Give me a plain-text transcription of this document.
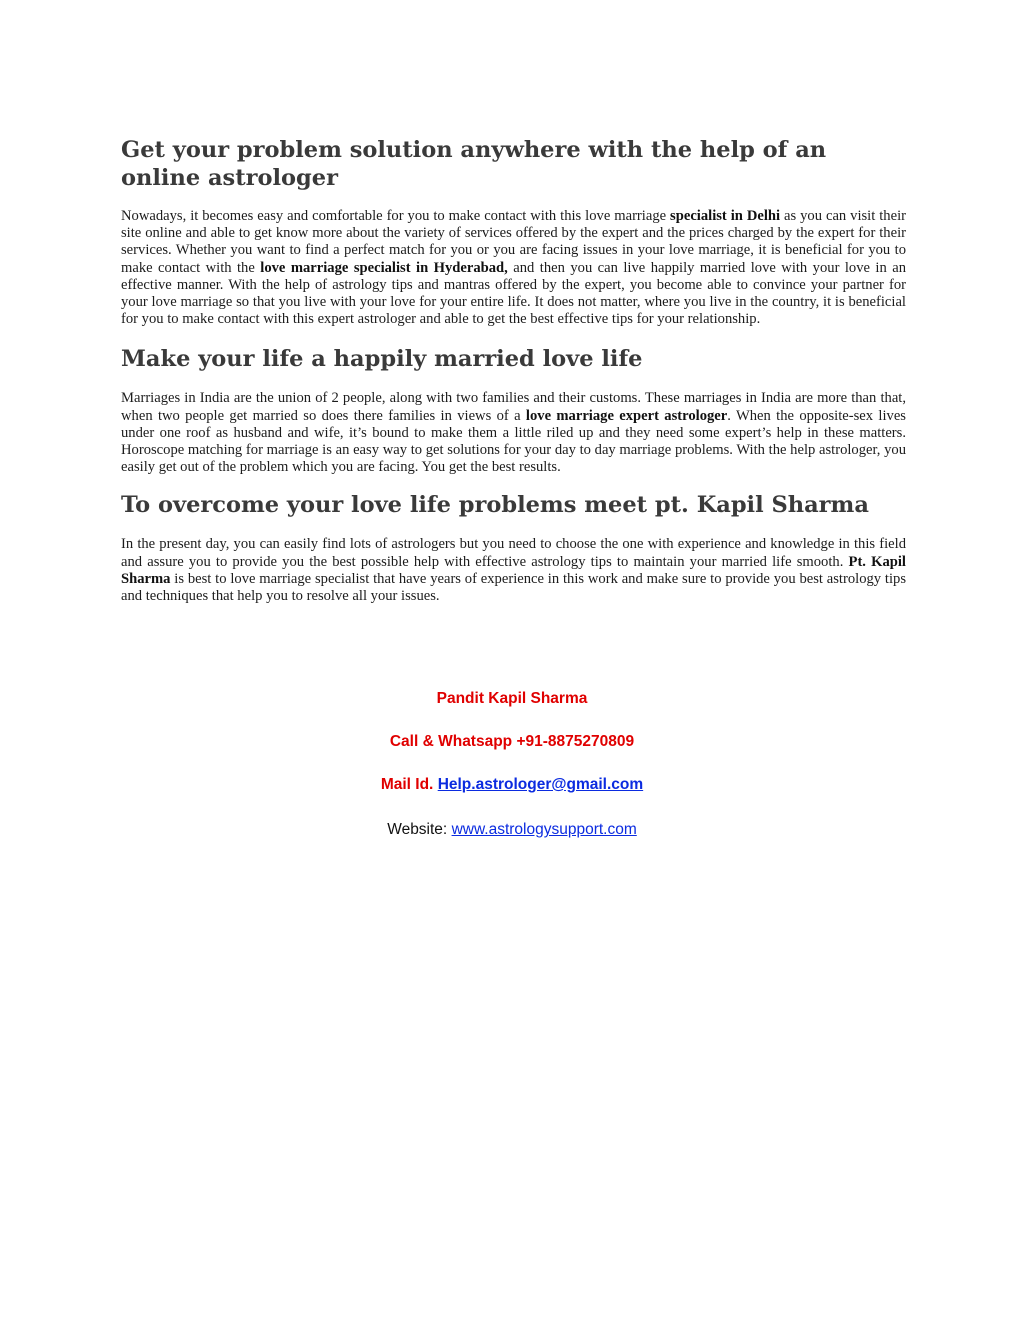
Get your problem solution anywhere with the help of an online astrologer

Nowadays, it becomes easy and comfortable for you to make contact with this love marriage specialist in Delhi as you can visit their site online and able to get know more about the variety of services offered by the expert and the prices charged by the expert for their services. Whether you want to find a perfect match for you or you are facing issues in your love marriage, it is beneficial for you to make contact with the love marriage specialist in Hyderabad, and then you can live happily married love with your love in an effective manner. With the help of astrology tips and mantras offered by the expert, you become able to convince your partner for your love marriage so that you live with your love for your entire life. It does not matter, where you live in the country, it is beneficial for you to make contact with this expert astrologer and able to get the best effective tips for your relationship.

Make your life a happily married love life

Marriages in India are the union of 2 people, along with two families and their customs. These marriages in India are more than that, when two people get married so does there families in views of a love marriage expert astrologer. When the opposite-sex lives under one roof as husband and wife, it’s bound to make them a little riled up and they need some expert’s help in these matters. Horoscope matching for marriage is an easy way to get solutions for your day to day marriage problems. With the help astrologer, you easily get out of the problem which you are facing. You get the best results.

To overcome your love life problems meet pt. Kapil Sharma

In the present day, you can easily find lots of astrologers but you need to choose the one with experience and knowledge in this field and assure you to provide you the best possible help with effective astrology tips to maintain your married life smooth. Pt. Kapil Sharma is best to love marriage specialist that have years of experience in this work and make sure to provide you best astrology tips and techniques that help you to resolve all your issues.

Pandit Kapil Sharma
Call & Whatsapp +91-8875270809
Mail Id. Help.astrologer@gmail.com
Website: www.astrologysupport.com
